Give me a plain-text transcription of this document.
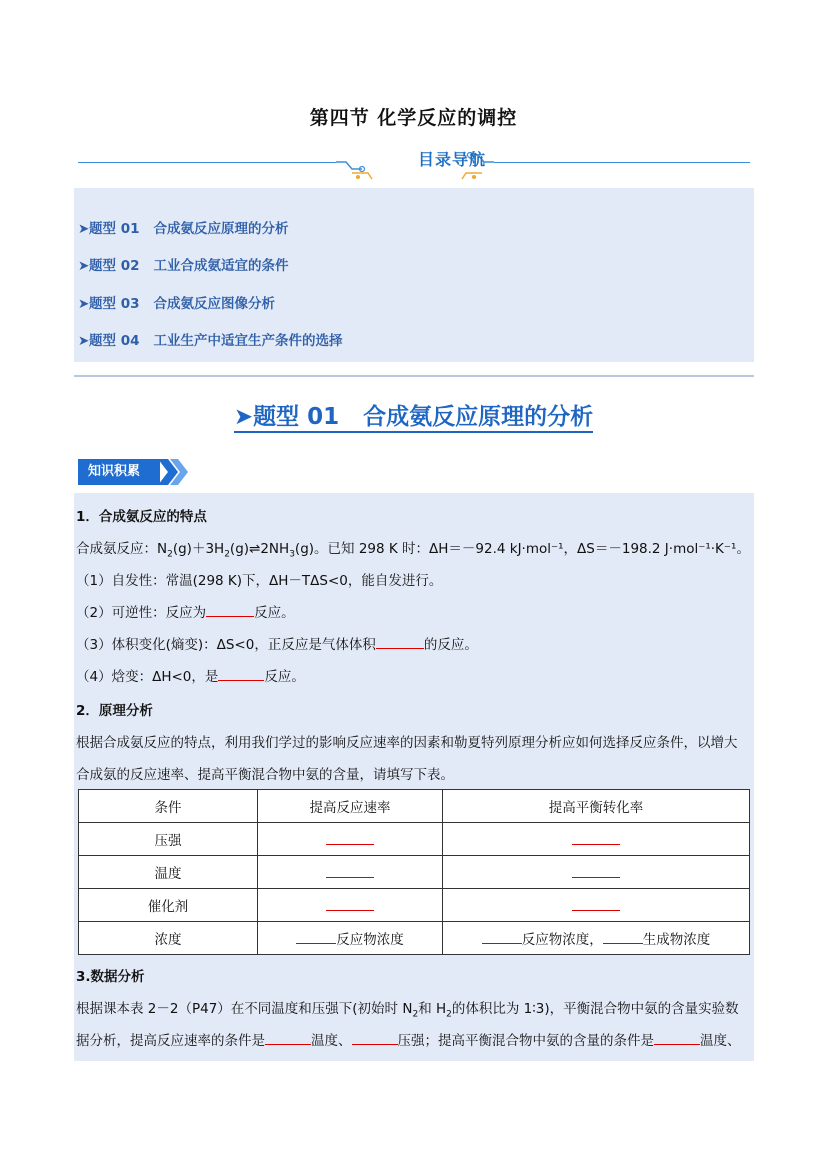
第四节 化学反应的调控
目录导航
➤题型 01 合成氨反应原理的分析
➤题型 02 工业合成氨适宜的条件
➤题型 03 合成氨反应图像分析
➤题型 04 工业生产中适宜生产条件的选择
➤题型 01 合成氨反应原理的分析
知识积累
1．合成氨反应的特点
合成氨反应：$N_2(g)+3H_2(g)\rightleftharpoons 2NH_3(g)$。已知 298 K 时：ΔH＝－92.4 kJ·mol⁻¹，ΔS＝－198.2 J·mol⁻¹·K⁻¹。
（1）自发性：常温(298 K)下，ΔH－TΔS<0，能自发进行。
（2）可逆性：反应为	反应。
（3）体积变化(熵变)：ΔS<0，正反应是气体体积	的反应。
（4）焓变：ΔH<0，是	反应。
2．原理分析
根据合成氨反应的特点，利用我们学过的影响反应速率的因素和勒夏特列原理分析应如何选择反应条件，以增大
合成氨的反应速率、提高平衡混合物中氨的含量，请填写下表。
条件	提高反应速率	提高平衡转化率
压强		
温度		
催化剂		
浓度	反应物浓度	反应物浓度， 生成物浓度
3.数据分析
根据课本表 2－2（P47）在不同温度和压强下(初始时 $N_2$和 $H_2$的体积比为 1∶3)，平衡混合物中氨的含量实验数
据分析，提高反应速率的条件是	温度、	压强；提高平衡混合物中氨的含量的条件是	温度、
